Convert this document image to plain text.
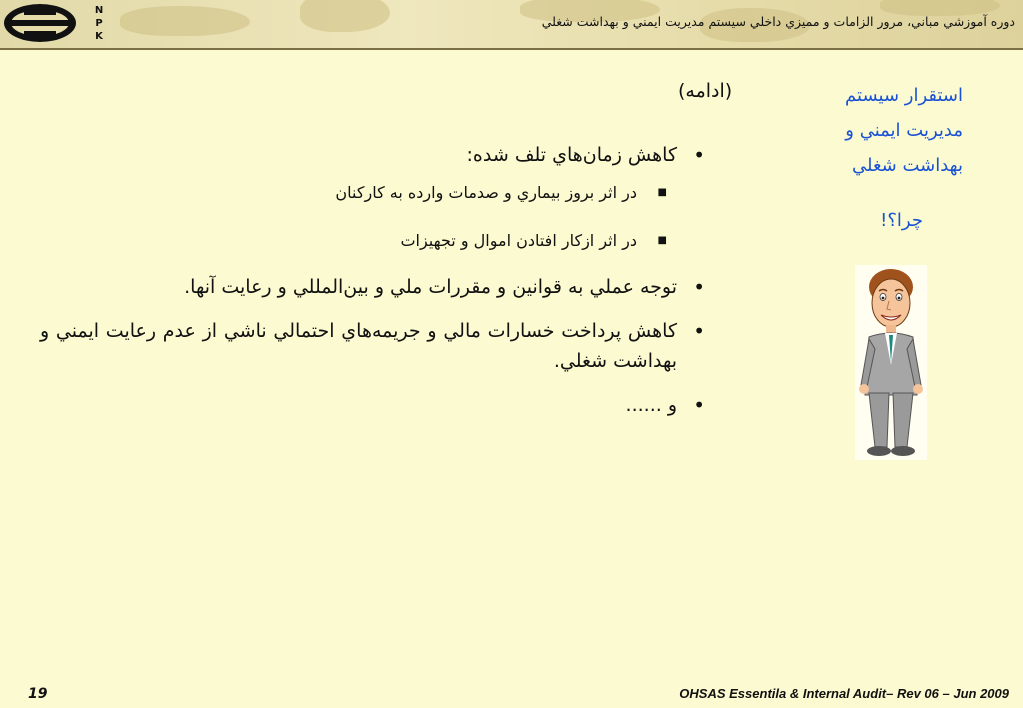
N
P
K
دوره آموزشي مباني، مرور الزامات و مميزي داخلي سيستم مديريت ايمني و بهداشت شغلي
استقرار سيستم
مديريت ايمني و
بهداشت شغلي
چرا؟!
(ادامه)
• كاهش زمان‌هاي تلف شده:
■ در اثر بروز بيماري و صدمات وارده به كاركنان
■ در اثر ازكار افتادن اموال و تجهيزات
• توجه عملي به قوانين و مقررات ملي و بين‌المللي و رعايت آنها.
• كاهش پرداخت خسارات مالي و جريمه‌هاي احتمالي ناشي از عدم رعايت ايمني و بهداشت شغلي.
• و ......
19	OHSAS Essentila & Internal Audit– Rev 06 – Jun 2009
